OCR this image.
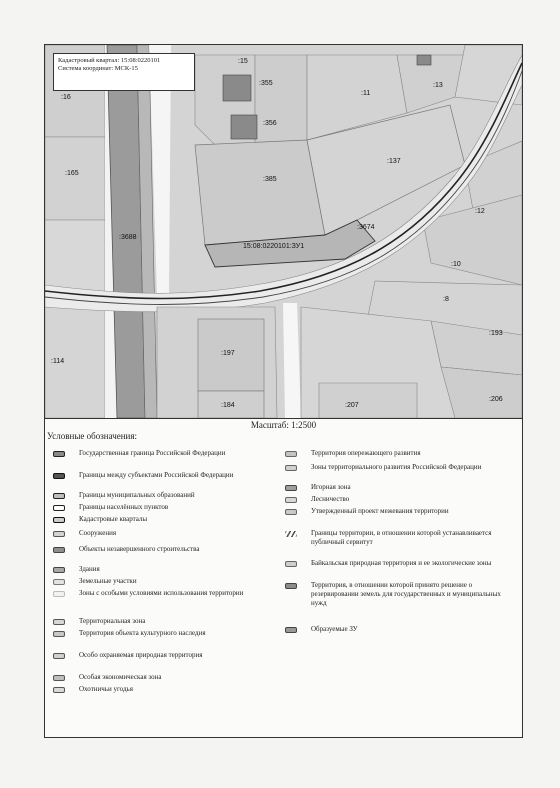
:15
:355
:11
:13
:16
:356
:165
:137
:385
:12
:3688
:3674
15:08:0220101:ЗУ1
:10
:8
:193
:114
:197
:184	:207
:206
Кадастровый квартал: 15:08:0220101
Система координат: МСК-15
Масштаб: 1:2500
Условные обозначения:
Государственная граница Российской Федерации
Границы между субъектами Российской Федерации
Границы муниципальных образований
Границы населённых пунктов
Кадастровые кварталы
Сооружения
Объекты незавершенного строительства
Здания
Земельные участки
Зоны с особыми условиями использования территории
Территориальная зона
Территория объекта культурного наследия
Особо охраняемая природная территория
Особая экономическая зона
Охотничьи угодья
Территория опережающего развития
Зоны территориального развития Российской Федерации
Игорная зона
Лесничество
Утвержденный проект межевания территории
Границы территории, в отношении которой устанавливается публичный сервитут
Байкальская природная территория и ее экологические зоны
Территория, в отношении которой принято решение о резервировании земель для государственных и муниципальных нужд
Образуемые ЗУ
